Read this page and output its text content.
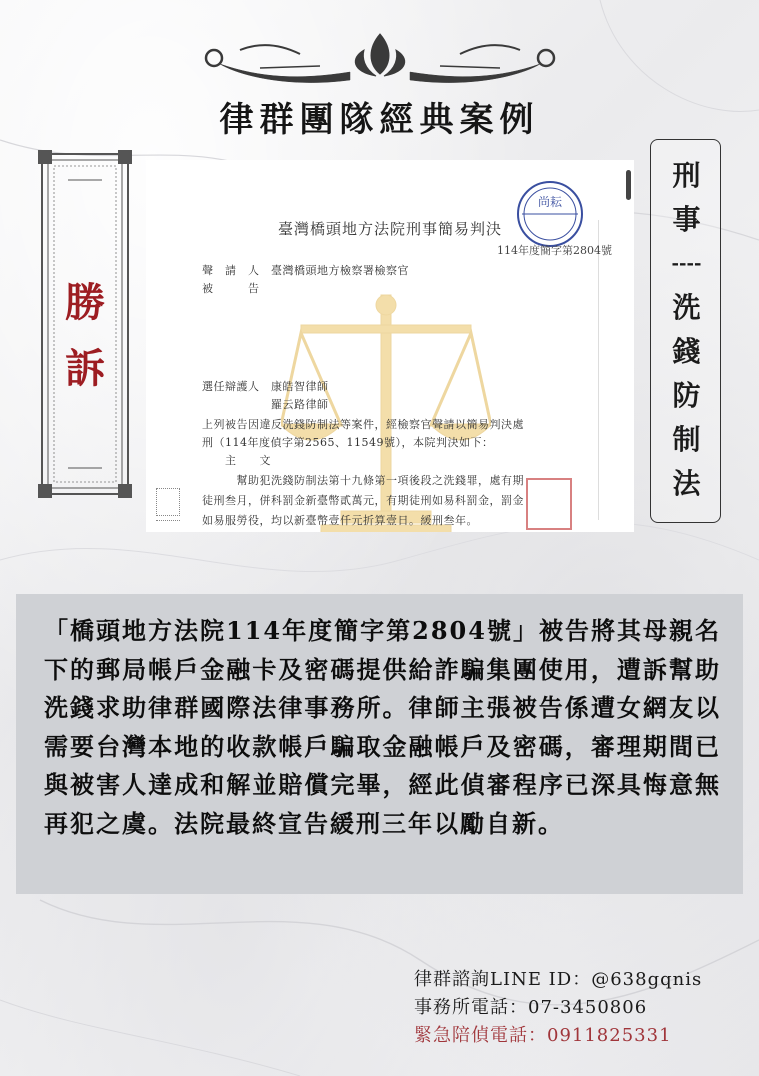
律群團隊經典案例
勝
訴
尚耘
臺灣橋頭地方法院刑事簡易判決
114年度簡字第2804號
聲　請　人　臺灣橋頭地方檢察署檢察官
被　　　告
選任辯護人　康皓智律師
　　　　　　羅云路律師
上列被告因違反洗錢防制法等案件，經檢察官聲請以簡易判決處
刑（114年度偵字第2565、11549號），本院判決如下：
　　主　　文
　　　幫助犯洗錢防制法第十九條第一項後段之洗錢罪，處有期
徒刑叁月，併科罰金新臺幣貳萬元，有期徒刑如易科罰金，罰金
如易服勞役，均以新臺幣壹仟元折算壹日。緩刑叁年。
刑
事
----
洗
錢
防
制
法

「橋頭地方法院114年度簡字第2804號」被告將其母親名下的郵局帳戶金融卡及密碼提供給詐騙集團使用，遭訴幫助洗錢求助律群國際法律事務所。律師主張被告係遭女網友以需要台灣本地的收款帳戶騙取金融帳戶及密碼，審理期間已與被害人達成和解並賠償完畢，經此偵審程序已深具悔意無再犯之虞。法院最終宣告緩刑三年以勵自新。

律群諮詢LINE ID：@638gqnis
事務所電話：07-3450806
緊急陪偵電話：0911825331
